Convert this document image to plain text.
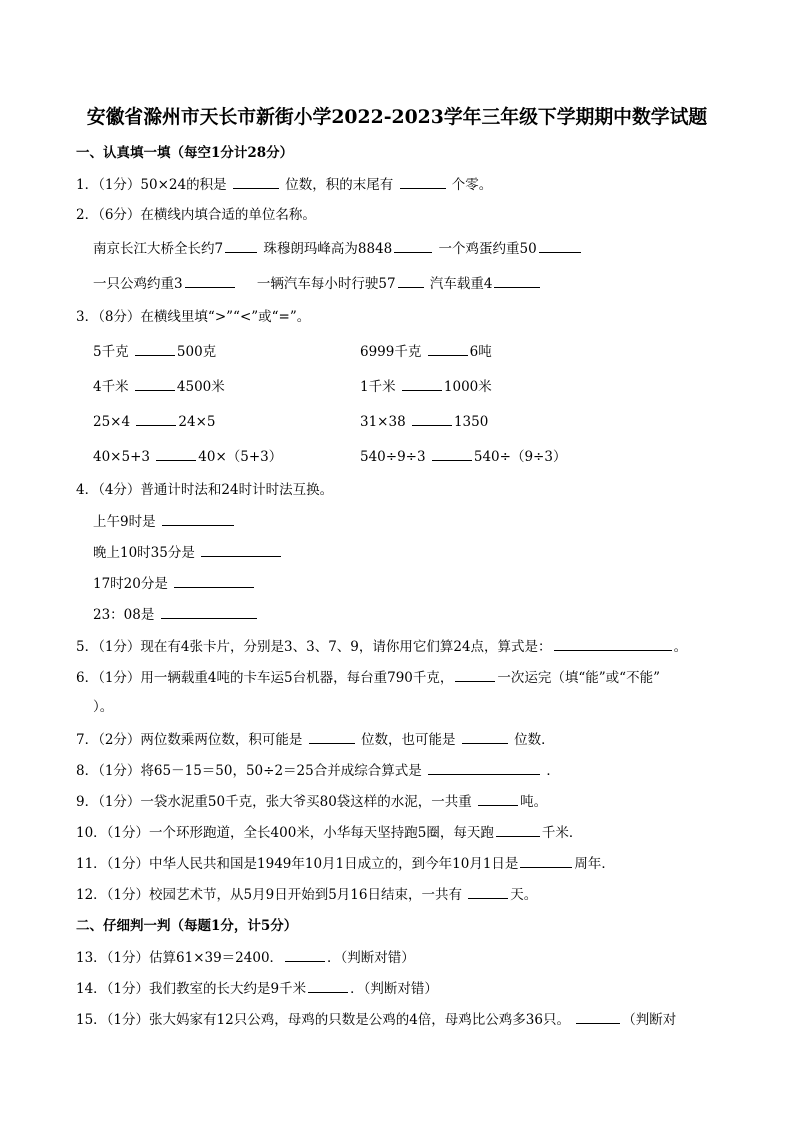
安徽省滁州市天长市新街小学2022-2023学年三年级下学期期中数学试题
一、认真填一填（每空1分计28分）
1．（1分）50×24的积是	位数，积的末尾有	个零。
2．（6分）在横线内填合适的单位名称。
南京长江大桥全长约7	珠穆朗玛峰高为8848	一个鸡蛋约重50
一只公鸡约重3	一辆汽车每小时行驶57	汽车载重4
3．（8分）在横线里填“>”“<”或“=”。
5千克	500克	6999千克	6吨
4千米	4500米	1千米	1000米
25×4	24×5	31×38	1350
40×5+3	40×（5+3）	540÷9÷3	540÷（9÷3）
4．（4分）普通计时法和24时计时法互换。
上午9时是
晚上10时35分是
17时20分是
23：08是
5．（1分）现在有4张卡片，分别是3、3、7、9，请你用它们算24点，算式是：	。
6．（1分）用一辆载重4吨的卡车运5台机器，每台重790千克，	一次运完（填“能”或“不能”
）。
7．（2分）两位数乘两位数，积可能是	位数，也可能是	位数．
8．（1分）将65－15＝50，50÷2＝25合并成综合算式是	．
9．（1分）一袋水泥重50千克，张大爷买80袋这样的水泥，一共重	吨。
10．（1分）一个环形跑道，全长400米，小华每天坚持跑5圈，每天跑	千米．
11．（1分）中华人民共和国是1949年10月1日成立的，到今年10月1日是	周年．
12．（1分）校园艺术节，从5月9日开始到5月16日结束，一共有	天。
二、仔细判一判（每题1分，计5分）
13．（1分）估算61×39＝2400．	．（判断对错）
14．（1分）我们教室的长大约是9千米	．（判断对错）
15．（1分）张大妈家有12只公鸡，母鸡的只数是公鸡的4倍，母鸡比公鸡多36只。	（判断对
